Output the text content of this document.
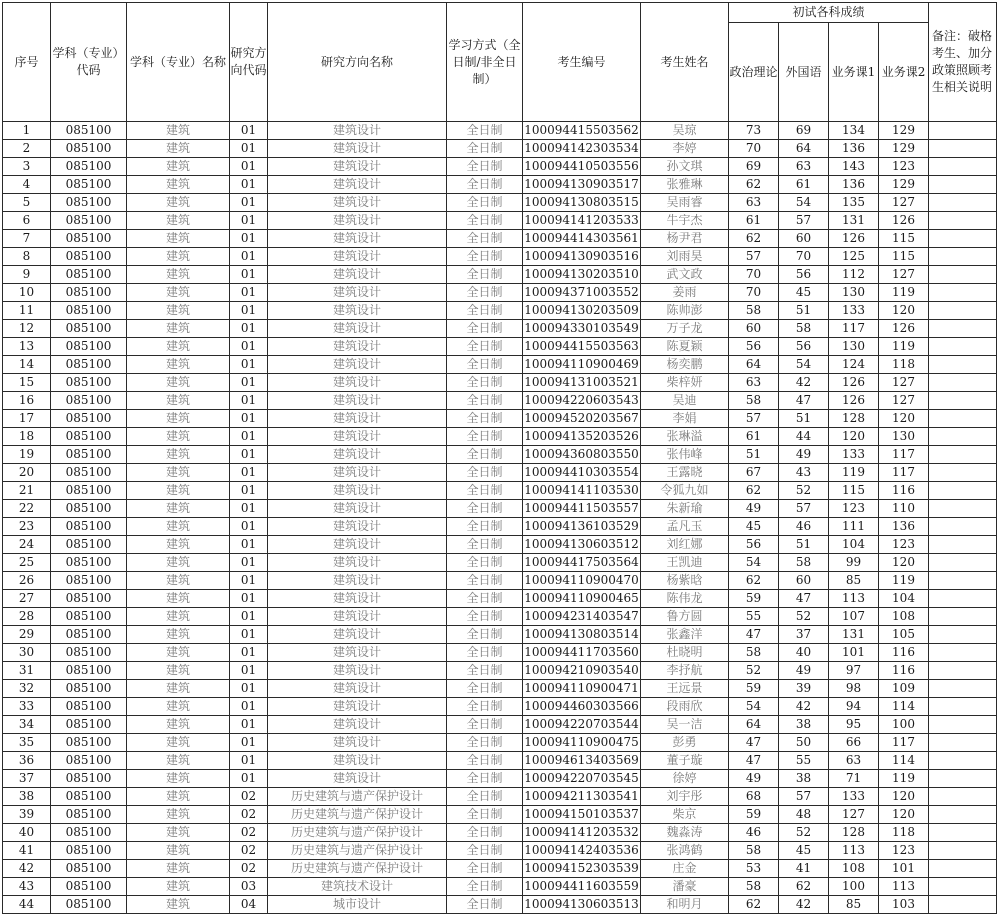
序号	学科（专业）代码	学科（专业）名称	研究方向代码	研究方向名称	学习方式（全日制/非全日制）	考生编号	考生姓名	初试各科成绩				备注：破格考生、加分政策照顾考生相关说明
								政治理论	外国语	业务课1	业务课2	
1	085100	建筑	01	建筑设计	全日制	100094415503562	吴琼	73	69	134	129	
2	085100	建筑	01	建筑设计	全日制	100094142303534	李婷	70	64	136	129	
3	085100	建筑	01	建筑设计	全日制	100094410503556	孙文琪	69	63	143	123	
4	085100	建筑	01	建筑设计	全日制	100094130903517	张雅琳	62	61	136	129	
5	085100	建筑	01	建筑设计	全日制	100094130803515	吴雨睿	63	54	135	127	
6	085100	建筑	01	建筑设计	全日制	100094141203533	牛宇杰	61	57	131	126	
7	085100	建筑	01	建筑设计	全日制	100094414303561	杨尹君	62	60	126	115	
8	085100	建筑	01	建筑设计	全日制	100094130903516	刘雨昊	57	70	125	115	
9	085100	建筑	01	建筑设计	全日制	100094130203510	武文政	70	56	112	127	
10	085100	建筑	01	建筑设计	全日制	100094371003552	姜雨	70	45	130	119	
11	085100	建筑	01	建筑设计	全日制	100094130203509	陈帅澎	58	51	133	120	
12	085100	建筑	01	建筑设计	全日制	100094330103549	万子龙	60	58	117	126	
13	085100	建筑	01	建筑设计	全日制	100094415503563	陈夏颖	56	56	130	119	
14	085100	建筑	01	建筑设计	全日制	100094110900469	杨奕鹏	64	54	124	118	
15	085100	建筑	01	建筑设计	全日制	100094131003521	柴梓妍	63	42	126	127	
16	085100	建筑	01	建筑设计	全日制	100094220603543	吴迪	58	47	126	127	
17	085100	建筑	01	建筑设计	全日制	100094520203567	李娟	57	51	128	120	
18	085100	建筑	01	建筑设计	全日制	100094135203526	张琳溢	61	44	120	130	
19	085100	建筑	01	建筑设计	全日制	100094360803550	张伟峰	51	49	133	117	
20	085100	建筑	01	建筑设计	全日制	100094410303554	王露晓	67	43	119	117	
21	085100	建筑	01	建筑设计	全日制	100094141103530	令狐九如	62	52	115	116	
22	085100	建筑	01	建筑设计	全日制	100094411503557	朱新瑜	49	57	123	110	
23	085100	建筑	01	建筑设计	全日制	100094136103529	孟凡玉	45	46	111	136	
24	085100	建筑	01	建筑设计	全日制	100094130603512	刘红娜	56	51	104	123	
25	085100	建筑	01	建筑设计	全日制	100094417503564	王凯迪	54	58	99	120	
26	085100	建筑	01	建筑设计	全日制	100094110900470	杨紫晗	62	60	85	119	
27	085100	建筑	01	建筑设计	全日制	100094110900465	陈伟龙	59	47	113	104	
28	085100	建筑	01	建筑设计	全日制	100094231403547	鲁方圆	55	52	107	108	
29	085100	建筑	01	建筑设计	全日制	100094130803514	张鑫洋	47	37	131	105	
30	085100	建筑	01	建筑设计	全日制	100094411703560	杜晓明	58	40	101	116	
31	085100	建筑	01	建筑设计	全日制	100094210903540	李抒航	52	49	97	116	
32	085100	建筑	01	建筑设计	全日制	100094110900471	王远景	59	39	98	109	
33	085100	建筑	01	建筑设计	全日制	100094460303566	段雨欣	54	42	94	114	
34	085100	建筑	01	建筑设计	全日制	100094220703544	吴一洁	64	38	95	100	
35	085100	建筑	01	建筑设计	全日制	100094110900475	彭勇	47	50	66	117	
36	085100	建筑	01	建筑设计	全日制	100094613403569	董子璇	47	55	63	114	
37	085100	建筑	01	建筑设计	全日制	100094220703545	徐婷	49	38	71	119	
38	085100	建筑	02	历史建筑与遗产保护设计	全日制	100094211303541	刘宇彤	68	57	133	120	
39	085100	建筑	02	历史建筑与遗产保护设计	全日制	100094150103537	柴京	59	48	127	120	
40	085100	建筑	02	历史建筑与遗产保护设计	全日制	100094141203532	魏淼涛	46	52	128	118	
41	085100	建筑	02	历史建筑与遗产保护设计	全日制	100094142403536	张鸿鹤	58	45	113	123	
42	085100	建筑	02	历史建筑与遗产保护设计	全日制	100094152303539	庄金	53	41	108	101	
43	085100	建筑	03	建筑技术设计	全日制	100094411603559	潘豪	58	62	100	113	
44	085100	建筑	04	城市设计	全日制	100094130603513	和明月	62	42	85	103	
